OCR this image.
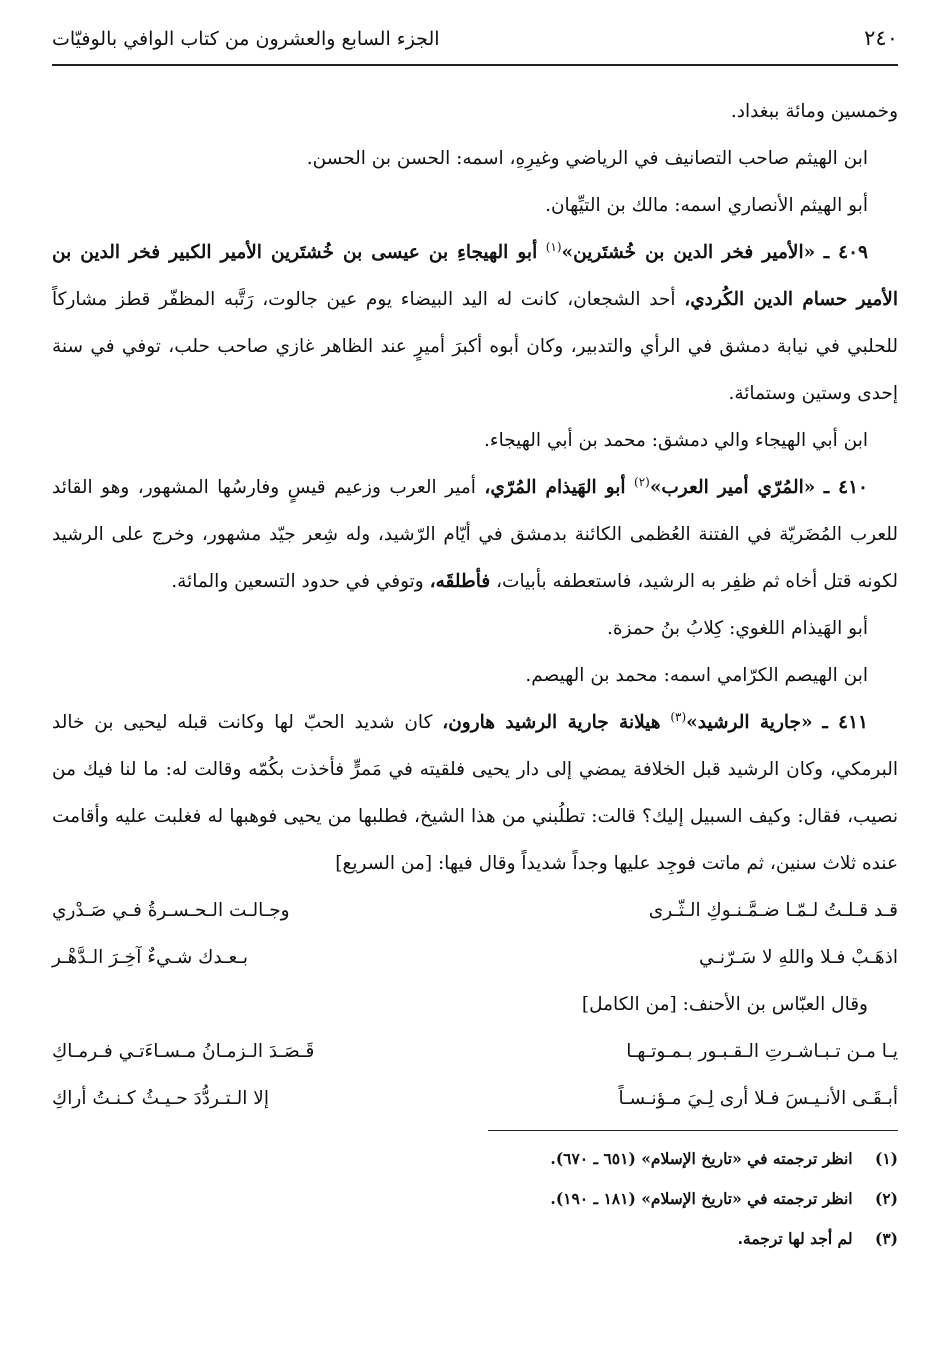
٢٤٠
الجزء السابع والعشرون من كتاب الوافي بالوفيّات

وخمسين ومائة ببغداد.

ابن الهيثم صاحب التصانيف في الرياضي وغيرِهِ، اسمه: الحسن بن الحسن.

أبو الهيثم الأنصاري اسمه: مالك بن التيِّهان.

٤٠٩ ـ «الأمير فخر الدين بن خُشتَرين»$^{(١)}$ أبو الهيجاءِ بن عيسى بن خُشتَرين الأمير الكبير فخر الدين بن الأمير حسام الدين الكُردي، أحد الشجعان، كانت له اليد البيضاء يوم عين جالوت، رَتَّبه المظفّر قطز مشاركاً للحلبي في نيابة دمشق في الرأي والتدبير، وكان أبوه أكبرَ أميرٍ عند الظاهر غازي صاحب حلب، توفي في سنة إحدى وستين وستمائة.

ابن أبي الهيجاء والي دمشق: محمد بن أبي الهيجاء.

٤١٠ ـ «المُرّي أمير العرب»$^{(٢)}$ أبو الهَيذام المُرّي، أمير العرب وزعيم قيسٍ وفارسُها المشهور، وهو القائد للعرب المُضَريّة في الفتنة العُظمى الكائنة بدمشق في أيّام الرّشيد، وله شِعر جيّد مشهور، وخرج على الرشيد لكونه قتل أخاه ثم ظفِر به الرشيد، فاستعطفه بأبيات، فأطلقَه، وتوفي في حدود التسعين والمائة.

أبو الهَيذام اللغوي: كِلابُ بنُ حمزة.

ابن الهيصم الكرّامي اسمه: محمد بن الهيصم.

٤١١ ـ «جارية الرشيد»$^{(٣)}$ هيلانة جارية الرشيد هارون، كان شديد الحبّ لها وكانت قبله ليحيى بن خالد البرمكي، وكان الرشيد قبل الخلافة يمضي إلى دار يحيى فلقيته في مَمرٍّ فأخذت بكُمّه وقالت له: ما لنا فيك من نصيب، فقال: وكيف السبيل إليك؟ قالت: تطلُبني من هذا الشيخ، فطلبها من يحيى فوهبها له فغلبت عليه وأقامت عنده ثلاث سنين، ثم ماتت فوجِد عليها وجداً شديداً وقال فيها: [من السريع]

قـد قـلـتُ لـمّـا ضـمَّـنـوكِ الـثّـرى
وجـالـت الـحـسـرةُ فـي صَـدْري
اذهَـبْ فـلا واللهِ لا سَـرّنـي
بـعـدك شـيءٌ آخِـرَ الـدَّهْـر

وقال العبّاس بن الأحنف: [من الكامل]

يـا مـن تـبـاشـرتِ الـقـبـور بـمـوتـهـا
قَـصَـدَ الـزمـانُ مـسـاءَتـي فـرمـاكِ
أبـقَـى الأنـيـسَ فـلا أرى لِـيَ مـؤنـسـاً
إلا الـتـردُّدَ حـيـثُ كـنـتُ أراكِ
(١) انظر ترجمته في «تاريخ الإسلام» (٦٥١ ـ ٦٧٠).
(٢) انظر ترجمته في «تاريخ الإسلام» (١٨١ ـ ١٩٠).
(٣) لم أجد لها ترجمة.
